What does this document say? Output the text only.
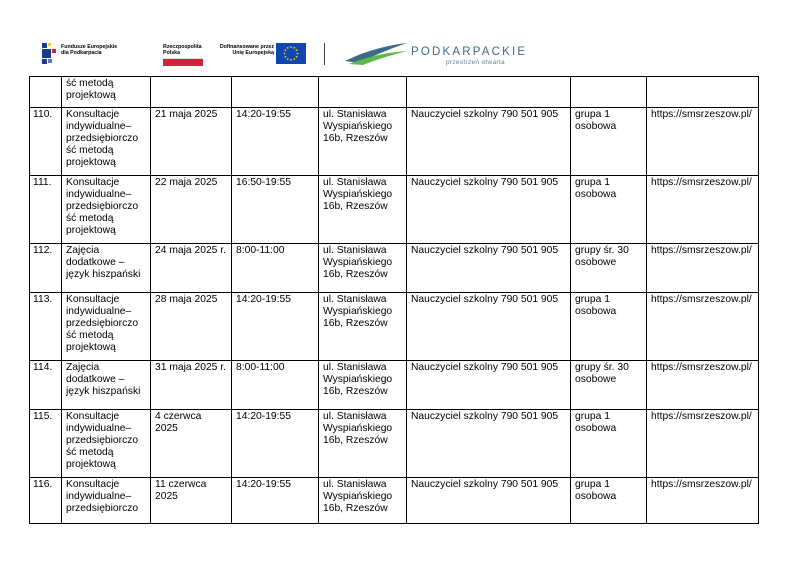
Fundusze Europejskie
dla Podkarpacia
Rzeczpospolita
Polska
Dofinansowane przez
Unię Europejską	PODKARPACKIE
przestrzeń otwarta
	ść metodą projektową						
110.	Konsultacje indywidualne– przedsiębiorczo ść metodą projektową	21 maja 2025	14:20-19:55	ul. Stanisława Wyspiańskiego 16b, Rzeszów	Nauczyciel szkolny 790 501 905	grupa 1 osobowa	https://smsrzeszow.pl/
111.	Konsultacje indywidualne– przedsiębiorczo ść metodą projektową	22 maja 2025	16:50-19:55	ul. Stanisława Wyspiańskiego 16b, Rzeszów	Nauczyciel szkolny 790 501 905	grupa 1 osobowa	https://smsrzeszow.pl/
112.	Zajęcia dodatkowe – język hiszpański	24 maja 2025 r.	8:00-11:00	ul. Stanisława Wyspiańskiego 16b, Rzeszów	Nauczyciel szkolny 790 501 905	grupy śr. 30 osobowe	https://smsrzeszow.pl/
113.	Konsultacje indywidualne– przedsiębiorczo ść metodą projektową	28 maja 2025	14:20-19:55	ul. Stanisława Wyspiańskiego 16b, Rzeszów	Nauczyciel szkolny 790 501 905	grupa 1 osobowa	https://smsrzeszow.pl/
114.	Zajęcia dodatkowe – język hiszpański	31 maja 2025 r.	8:00-11:00	ul. Stanisława Wyspiańskiego 16b, Rzeszów	Nauczyciel szkolny 790 501 905	grupy śr. 30 osobowe	https://smsrzeszow.pl/
115.	Konsultacje indywidualne– przedsiębiorczo ść metodą projektową	4 czerwca 2025	14:20-19:55	ul. Stanisława Wyspiańskiego 16b, Rzeszów	Nauczyciel szkolny 790 501 905	grupa 1 osobowa	https://smsrzeszow.pl/
116.	Konsultacje indywidualne– przedsiębiorczo	11 czerwca 2025	14:20-19:55	ul. Stanisława Wyspiańskiego 16b, Rzeszów	Nauczyciel szkolny 790 501 905	grupa 1 osobowa	https://smsrzeszow.pl/
